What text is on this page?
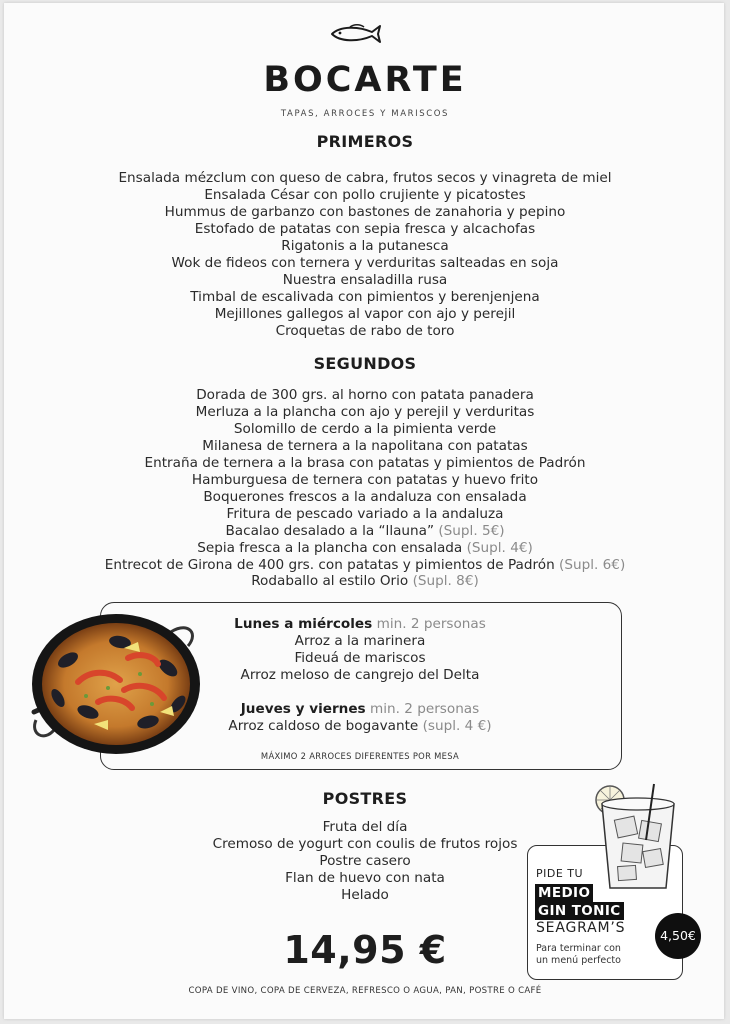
BOCARTE
TAPAS, ARROCES Y MARISCOS
PRIMEROS
Ensalada mézclum con queso de cabra, frutos secos y vinagreta de miel
Ensalada César con pollo crujiente y picatostes
Hummus de garbanzo con bastones de zanahoria y pepino
Estofado de patatas con sepia fresca y alcachofas
Rigatonis a la putanesca
Wok de fideos con ternera y verduritas salteadas en soja
Nuestra ensaladilla rusa
Timbal de escalivada con pimientos y berenjenjena
Mejillones gallegos al vapor con ajo y perejil
Croquetas de rabo de toro
SEGUNDOS
Dorada de 300 grs. al horno con patata panadera
Merluza a la plancha con ajo y perejil y verduritas
Solomillo de cerdo a la pimienta verde
Milanesa de ternera a la napolitana con patatas
Entraña de ternera a la brasa con patatas y pimientos de Padrón
Hamburguesa de ternera con patatas y huevo frito
Boquerones frescos a la andaluza con ensalada
Fritura de pescado variado a la andaluza
Bacalao desalado a la “llauna” (Supl. 5€)
Sepia fresca a la plancha con ensalada (Supl. 4€)
Entrecot de Girona de 400 grs. con patatas y pimientos de Padrón (Supl. 6€)
Rodaballo al estilo Orio (Supl. 8€)
Lunes a miércoles min. 2 personas
Arroz a la marinera
Fideuá de mariscos
Arroz meloso de cangrejo del Delta
Jueves y viernes min. 2 personas
Arroz caldoso de bogavante (supl. 4 €)
MÁXIMO 2 ARROCES DIFERENTES POR MESA
POSTRES
Fruta del día
Cremoso de yogurt con coulis de frutos rojos
Postre casero
Flan de huevo con nata
Helado
14,95 €
COPA DE VINO, COPA DE CERVEZA, REFRESCO O AGUA, PAN, POSTRE O CAFÉ
PIDE TU
MEDIO
GIN TONIC
SEAGRAM’S
Para terminar con
un menú perfecto
4,50€
